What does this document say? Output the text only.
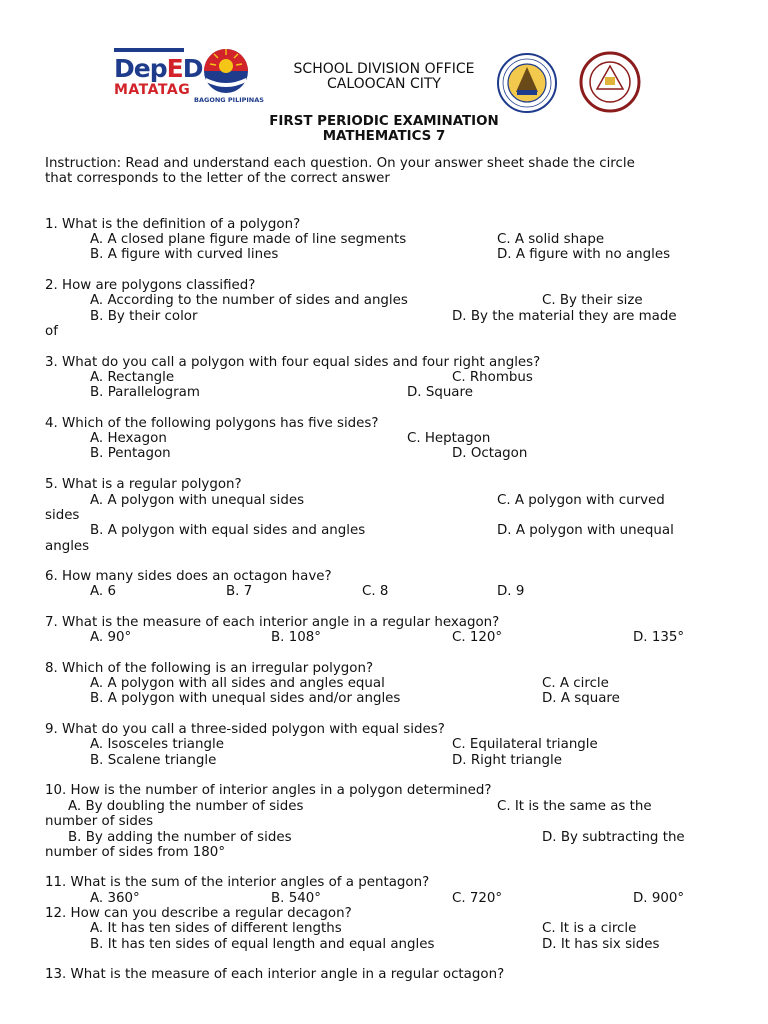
DepED
MATATAG
BAGONG PILIPINAS
SCHOOL DIVISION OFFICE
CALOOCAN CITY
FIRST PERIODIC EXAMINATION
MATHEMATICS 7
Instruction: Read and understand each question. On your answer sheet shade the circle
that corresponds to the letter of the correct answer
1. What is the definition of a polygon?
A. A closed plane figure made of line segments	C. A solid shape
B. A figure with curved lines	D. A figure with no angles
2. How are polygons classified?
A. According to the number of sides and angles	C. By their size
B. By their color	D. By the material they are made
of
3. What do you call a polygon with four equal sides and four right angles?
A. Rectangle	C. Rhombus
B. Parallelogram	D. Square
4. Which of the following polygons has five sides?
A. Hexagon	C. Heptagon
B. Pentagon	D. Octagon
5. What is a regular polygon?
A. A polygon with unequal sides	C. A polygon with curved
sides
B. A polygon with equal sides and angles	D. A polygon with unequal
angles
6. How many sides does an octagon have?
A. 6	B. 7	C. 8	D. 9
7. What is the measure of each interior angle in a regular hexagon?
A. 90°	B. 108°	C. 120°	D. 135°
8. Which of the following is an irregular polygon?
A. A polygon with all sides and angles equal	C. A circle
B. A polygon with unequal sides and/or angles	D. A square
9. What do you call a three-sided polygon with equal sides?
A. Isosceles triangle	C. Equilateral triangle
B. Scalene triangle	D. Right triangle
10. How is the number of interior angles in a polygon determined?
A. By doubling the number of sides	C. It is the same as the
number of sides
B. By adding the number of sides	D. By subtracting the
number of sides from 180°
11. What is the sum of the interior angles of a pentagon?
A. 360°	B. 540°	C. 720°	D. 900°
12. How can you describe a regular decagon?
A. It has ten sides of different lengths	C. It is a circle
B. It has ten sides of equal length and equal angles	D. It has six sides
13. What is the measure of each interior angle in a regular octagon?
